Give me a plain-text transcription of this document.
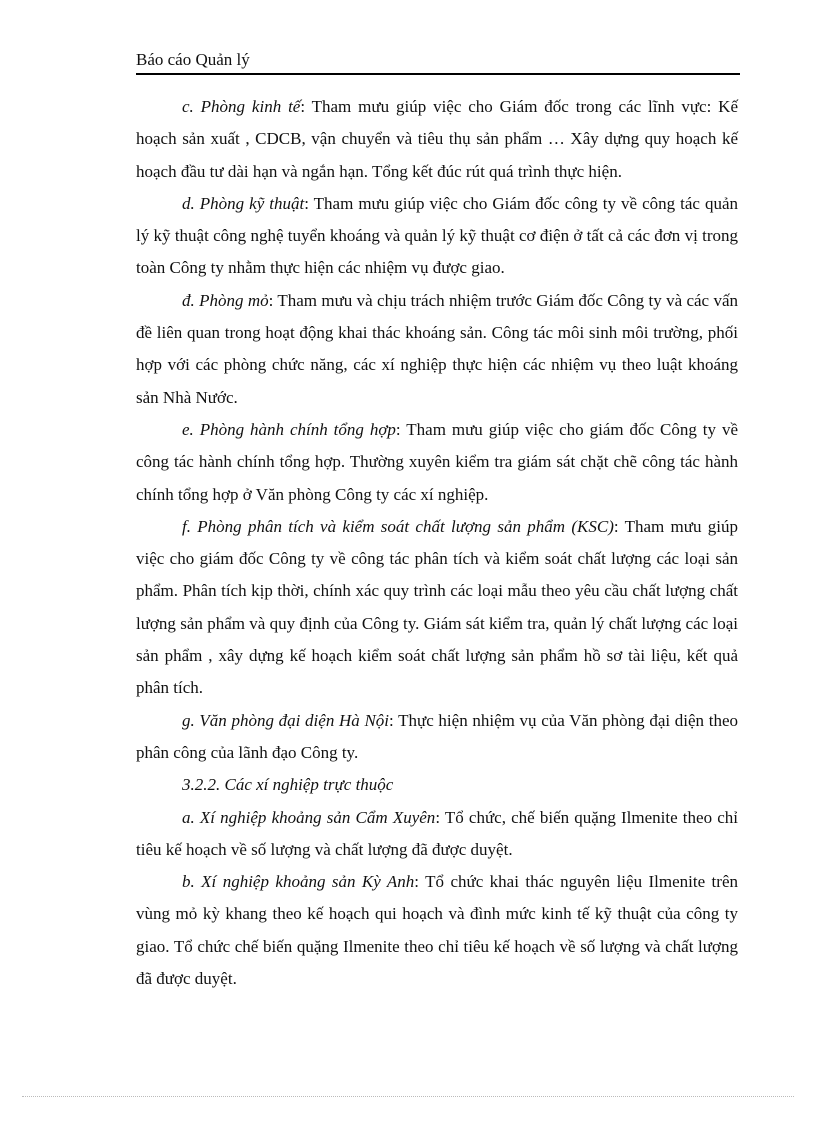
Báo cáo Quản lý

c. Phòng kinh tế: Tham mưu giúp việc cho Giám đốc trong các lĩnh vực: Kế hoạch sản xuất , CDCB, vận chuyển và tiêu thụ sản phẩm … Xây dựng quy hoạch kế hoạch đầu tư dài hạn và ngắn hạn. Tổng kết đúc rút quá trình thực hiện.

d. Phòng kỹ thuật: Tham mưu giúp việc cho Giám đốc công ty về công tác quản lý kỹ thuật công nghệ tuyển khoáng và quản lý kỹ thuật cơ điện ở tất cả các đơn vị trong toàn Công ty nhằm thực hiện các nhiệm vụ được giao.

đ. Phòng mỏ: Tham mưu và chịu trách nhiệm trước Giám đốc Công ty và các vấn đề liên quan trong hoạt động khai thác khoáng sản. Công tác môi sinh môi trường, phối hợp với các phòng chức năng, các xí nghiệp thực hiện các nhiệm vụ theo luật khoáng sản Nhà Nước.

e. Phòng hành chính tổng hợp: Tham mưu giúp việc cho giám đốc Công ty về công tác hành chính tổng hợp. Thường xuyên kiểm tra giám sát chặt chẽ công tác hành chính tổng hợp ở Văn phòng Công ty các xí nghiệp.

f. Phòng phân tích và kiểm soát chất lượng sản phẩm (KSC): Tham mưu giúp việc cho giám đốc Công ty về công tác phân tích và kiểm soát chất lượng các loại sản phẩm. Phân tích kịp thời, chính xác quy trình các loại mẫu theo yêu cầu chất lượng chất lượng sản phẩm và quy định của Công ty. Giám sát kiểm tra, quản lý chất lượng các loại sản phẩm , xây dựng kế hoạch kiểm soát chất lượng sản phẩm hồ sơ tài liệu, kết quả phân tích.

g. Văn phòng đại diện Hà Nội: Thực hiện nhiệm vụ của Văn phòng đại diện theo phân công của lãnh đạo Công ty.

3.2.2. Các xí nghiệp trực thuộc

a. Xí nghiệp khoảng sản Cẩm Xuyên: Tổ chức, chế biến quặng Ilmenite theo chỉ tiêu kế hoạch về số lượng và chất lượng đã được duyệt.

b. Xí nghiệp khoảng sản Kỳ Anh: Tổ chức khai thác nguyên liệu Ilmenite trên vùng mỏ kỳ khang theo kế hoạch qui hoạch và đình mức kinh tế kỹ thuật của công ty giao. Tổ chức chế biến quặng Ilmenite theo chỉ tiêu kế hoạch về số lượng và chất lượng đã được duyệt.
